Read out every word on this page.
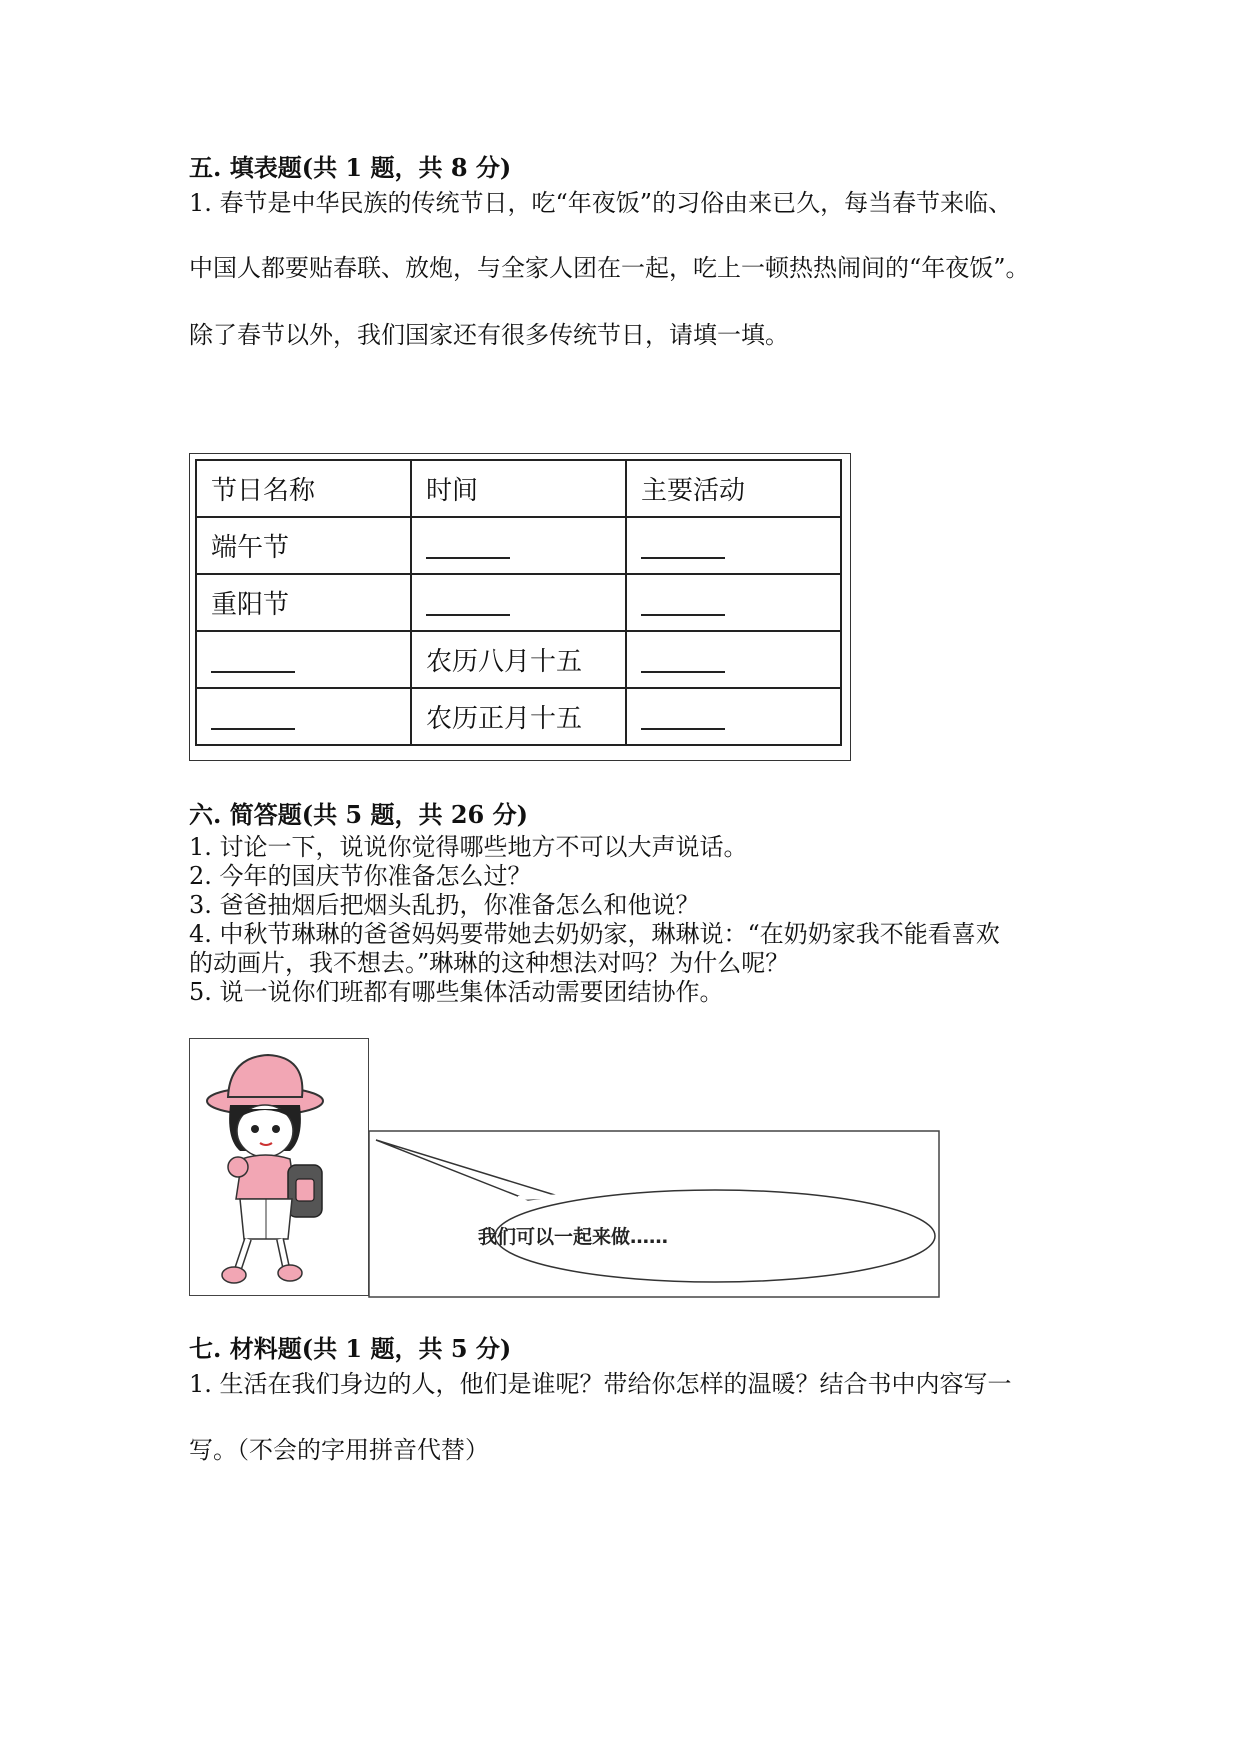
五. 填表题(共 1 题，共 8 分)
1. 春节是中华民族的传统节日，吃“年夜饭”的习俗由来已久，每当春节来临、
中国人都要贴春联、放炮，与全家人团在一起，吃上一顿热热闹间的“年夜饭”。
除了春节以外，我们国家还有很多传统节日，请填一填。
节日名称	时间	主要活动
端午节		
重阳节		
	农历八月十五	
	农历正月十五	
六. 简答题(共 5 题，共 26 分)
1. 讨论一下，说说你觉得哪些地方不可以大声说话。
2. 今年的国庆节你准备怎么过？
3. 爸爸抽烟后把烟头乱扔，你准备怎么和他说？
4. 中秋节琳琳的爸爸妈妈要带她去奶奶家，琳琳说：“在奶奶家我不能看喜欢
的动画片，我不想去。”琳琳的这种想法对吗？为什么呢？
5. 说一说你们班都有哪些集体活动需要团结协作。
我们可以一起来做……
七. 材料题(共 1 题，共 5 分)
1. 生活在我们身边的人，他们是谁呢？带给你怎样的温暖？结合书中内容写一
写。（不会的字用拼音代替）
